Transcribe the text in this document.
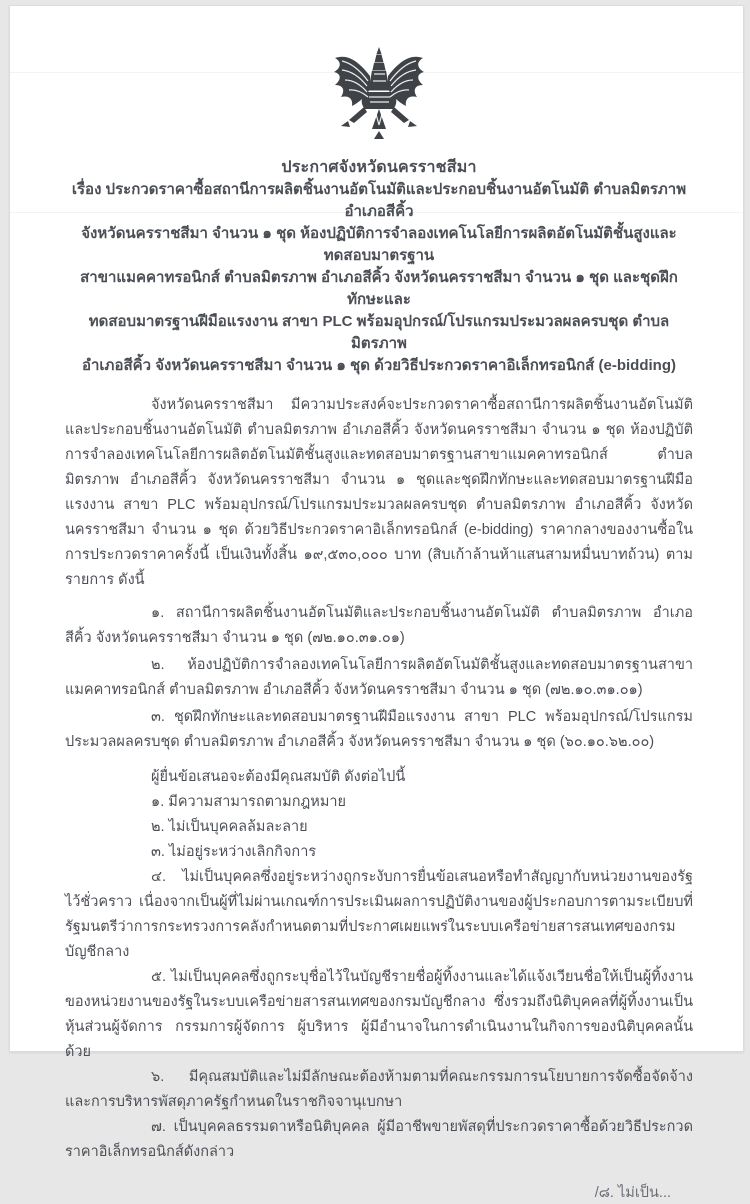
ประกาศจังหวัดนครราชสีมา
เรื่อง ประกวดราคาซื้อสถานีการผลิตชิ้นงานอัตโนมัติและประกอบชิ้นงานอัตโนมัติ ตำบลมิตรภาพ อำเภอสีคิ้ว
จังหวัดนครราชสีมา จำนวน ๑ ชุด ห้องปฏิบัติการจำลองเทคโนโลยีการผลิตอัตโนมัติชั้นสูงและทดสอบมาตรฐาน
สาขาแมคคาทรอนิกส์ ตำบลมิตรภาพ อำเภอสีคิ้ว จังหวัดนครราชสีมา จำนวน ๑ ชุด และชุดฝึกทักษะและ
ทดสอบมาตรฐานฝีมือแรงงาน สาขา PLC พร้อมอุปกรณ์/โปรแกรมประมวลผลครบชุด ตำบลมิตรภาพ
อำเภอสีคิ้ว จังหวัดนครราชสีมา จำนวน ๑ ชุด ด้วยวิธีประกวดราคาอิเล็กทรอนิกส์ (e-bidding)

จังหวัดนครราชสีมา มีความประสงค์จะประกวดราคาซื้อสถานีการผลิตชิ้นงานอัตโนมัติและประกอบชิ้นงานอัตโนมัติ ตำบลมิตรภาพ อำเภอสีคิ้ว จังหวัดนครราชสีมา จำนวน ๑ ชุด ห้องปฏิบัติการจำลองเทคโนโลยีการผลิตอัตโนมัติชั้นสูงและทดสอบมาตรฐานสาขาแมคคาทรอนิกส์ ตำบลมิตรภาพ อำเภอสีคิ้ว จังหวัดนครราชสีมา จำนวน ๑ ชุดและชุดฝึกทักษะและทดสอบมาตรฐานฝีมือแรงงาน สาขา PLC พร้อมอุปกรณ์/โปรแกรมประมวลผลครบชุด ตำบลมิตรภาพ อำเภอสีคิ้ว จังหวัดนครราชสีมา จำนวน ๑ ชุด ด้วยวิธีประกวดราคาอิเล็กทรอนิกส์ (e-bidding) ราคากลางของงานซื้อในการประกวดราคาครั้งนี้ เป็นเงินทั้งสิ้น ๑๙,๕๓๐,๐๐๐ บาท (สิบเก้าล้านห้าแสนสามหมื่นบาทถ้วน) ตามรายการ ดังนี้

๑. สถานีการผลิตชิ้นงานอัตโนมัติและประกอบชิ้นงานอัตโนมัติ ตำบลมิตรภาพ อำเภอสีคิ้ว จังหวัดนครราชสีมา จำนวน ๑ ชุด (๗๒.๑๐.๓๑.๐๑)

๒. ห้องปฏิบัติการจำลองเทคโนโลยีการผลิตอัตโนมัติชั้นสูงและทดสอบมาตรฐานสาขาแมคคาทรอนิกส์ ตำบลมิตรภาพ อำเภอสีคิ้ว จังหวัดนครราชสีมา จำนวน ๑ ชุด (๗๒.๑๐.๓๑.๐๑)

๓. ชุดฝึกทักษะและทดสอบมาตรฐานฝีมือแรงงาน สาขา PLC พร้อมอุปกรณ์/โปรแกรมประมวลผลครบชุด ตำบลมิตรภาพ อำเภอสีคิ้ว จังหวัดนครราชสีมา จำนวน ๑ ชุด (๖๐.๑๐.๖๒.๐๐)

ผู้ยื่นข้อเสนอจะต้องมีคุณสมบัติ ดังต่อไปนี้

๑. มีความสามารถตามกฎหมาย

๒. ไม่เป็นบุคคลล้มละลาย

๓. ไม่อยู่ระหว่างเลิกกิจการ

๔. ไม่เป็นบุคคลซึ่งอยู่ระหว่างถูกระงับการยื่นข้อเสนอหรือทำสัญญากับหน่วยงานของรัฐไว้ชั่วคราว เนื่องจากเป็นผู้ที่ไม่ผ่านเกณฑ์การประเมินผลการปฏิบัติงานของผู้ประกอบการตามระเบียบที่รัฐมนตรีว่าการกระทรวงการคลังกำหนดตามที่ประกาศเผยแพร่ในระบบเครือข่ายสารสนเทศของกรมบัญชีกลาง

๕. ไม่เป็นบุคคลซึ่งถูกระบุชื่อไว้ในบัญชีรายชื่อผู้ทิ้งงานและได้แจ้งเวียนชื่อให้เป็นผู้ทิ้งงานของหน่วยงานของรัฐในระบบเครือข่ายสารสนเทศของกรมบัญชีกลาง ซึ่งรวมถึงนิติบุคคลที่ผู้ทิ้งงานเป็นหุ้นส่วนผู้จัดการ กรรมการผู้จัดการ ผู้บริหาร ผู้มีอำนาจในการดำเนินงานในกิจการของนิติบุคคลนั้นด้วย

๖. มีคุณสมบัติและไม่มีลักษณะต้องห้ามตามที่คณะกรรมการนโยบายการจัดซื้อจัดจ้างและการบริหารพัสดุภาครัฐกำหนดในราชกิจจานุเบกษา

๗. เป็นบุคคลธรรมดาหรือนิติบุคคล ผู้มีอาชีพขายพัสดุที่ประกวดราคาซื้อด้วยวิธีประกวดราคาอิเล็กทรอนิกส์ดังกล่าว

/๘. ไม่เป็น...
